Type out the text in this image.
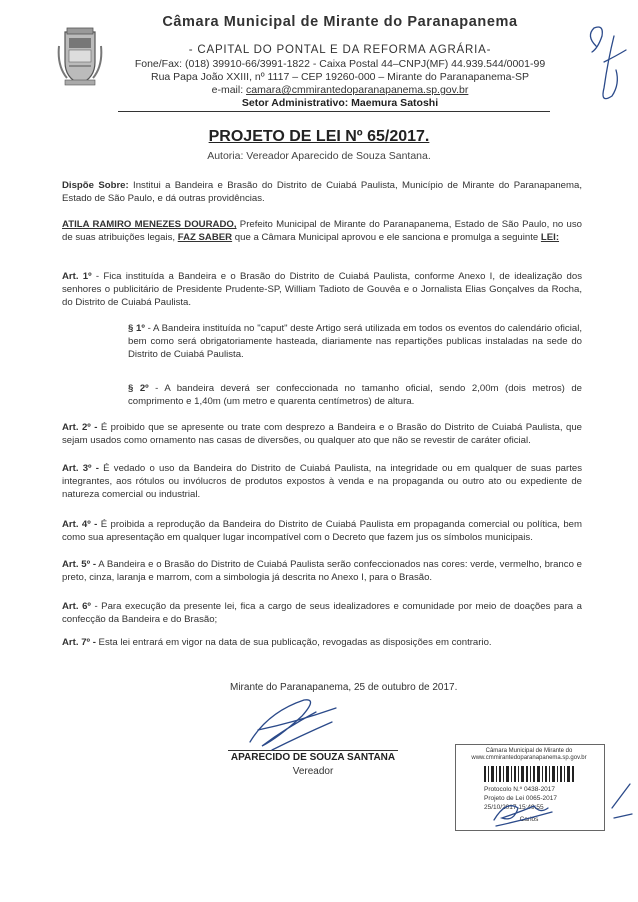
Câmara Municipal de Mirante do Paranapanema
- CAPITAL DO PONTAL E DA REFORMA AGRÁRIA-
Fone/Fax: (018) 39910-66/3991-1822 - Caixa Postal 44–CNPJ(MF) 44.939.544/0001-99
Rua Papa João XXIII, nº 1117 – CEP 19260-000 – Mirante do Paranapanema-SP
e-mail: camara@cmmirantedoparanapanema.sp.gov.br
Setor Administrativo: Maemura Satoshi
PROJETO DE LEI Nº 65/2017.
Autoria: Vereador Aparecido de Souza Santana.
Dispõe Sobre: Institui a Bandeira e Brasão do Distrito de Cuiabá Paulista, Município de Mirante do Paranapanema, Estado de São Paulo, e dá outras providências.
ATILA RAMIRO MENEZES DOURADO, Prefeito Municipal de Mirante do Paranapanema, Estado de São Paulo, no uso de suas atribuições legais, FAZ SABER que a Câmara Municipal aprovou e ele sanciona e promulga a seguinte LEI:
Art. 1º - Fica instituída a Bandeira e o Brasão do Distrito de Cuiabá Paulista, conforme Anexo I, de idealização dos senhores o publicitário de Presidente Prudente-SP, William Tadioto de Gouvêa e o Jornalista Elias Gonçalves da Rocha, do Distrito de Cuiabá Paulista.
§ 1º - A Bandeira instituída no "caput" deste Artigo será utilizada em todos os eventos do calendário oficial, bem como será obrigatoriamente hasteada, diariamente nas repartições publicas instaladas na sede do Distrito de Cuiabá Paulista.
§ 2º - A bandeira deverá ser confeccionada no tamanho oficial, sendo 2,00m (dois metros) de comprimento e 1,40m (um metro e quarenta centímetros) de altura.
Art. 2º - É proibido que se apresente ou trate com desprezo a Bandeira e o Brasão do Distrito de Cuiabá Paulista, que sejam usados como ornamento nas casas de diversões, ou qualquer ato que não se revestir de caráter oficial.
Art. 3º - É vedado o uso da Bandeira do Distrito de Cuiabá Paulista, na integridade ou em qualquer de suas partes integrantes, aos rótulos ou invólucros de produtos expostos à venda e na propaganda ou outro ato ou expediente de natureza comercial ou industrial.
Art. 4º - É proibida a reprodução da Bandeira do Distrito de Cuiabá Paulista em propaganda comercial ou política, bem como sua apresentação em qualquer lugar incompatível com o Decreto que fazem jus os símbolos municipais.
Art. 5º - A Bandeira e o Brasão do Distrito de Cuiabá Paulista serão confeccionados nas cores: verde, vermelho, branco e preto, cinza, laranja e marrom, com a simbologia já descrita no Anexo I, para o Brasão.
Art. 6º - Para execução da presente lei, fica a cargo de seus idealizadores e comunidade por meio de doações para a confecção da Bandeira e do Brasão;
Art. 7º - Esta lei entrará em vigor na data de sua publicação, revogadas as disposições em contrario.
Mirante do Paranapanema, 25 de outubro de 2017.
APARECIDO DE SOUZA SANTANA
Vereador
Câmara Municipal de Mirante do
www.cmmirantedoparanapanema.sp.gov.br
Protocolo N.º 0438-2017
Projeto de Lei 0065-2017
25/10/2017 15:49:55
Carlos
